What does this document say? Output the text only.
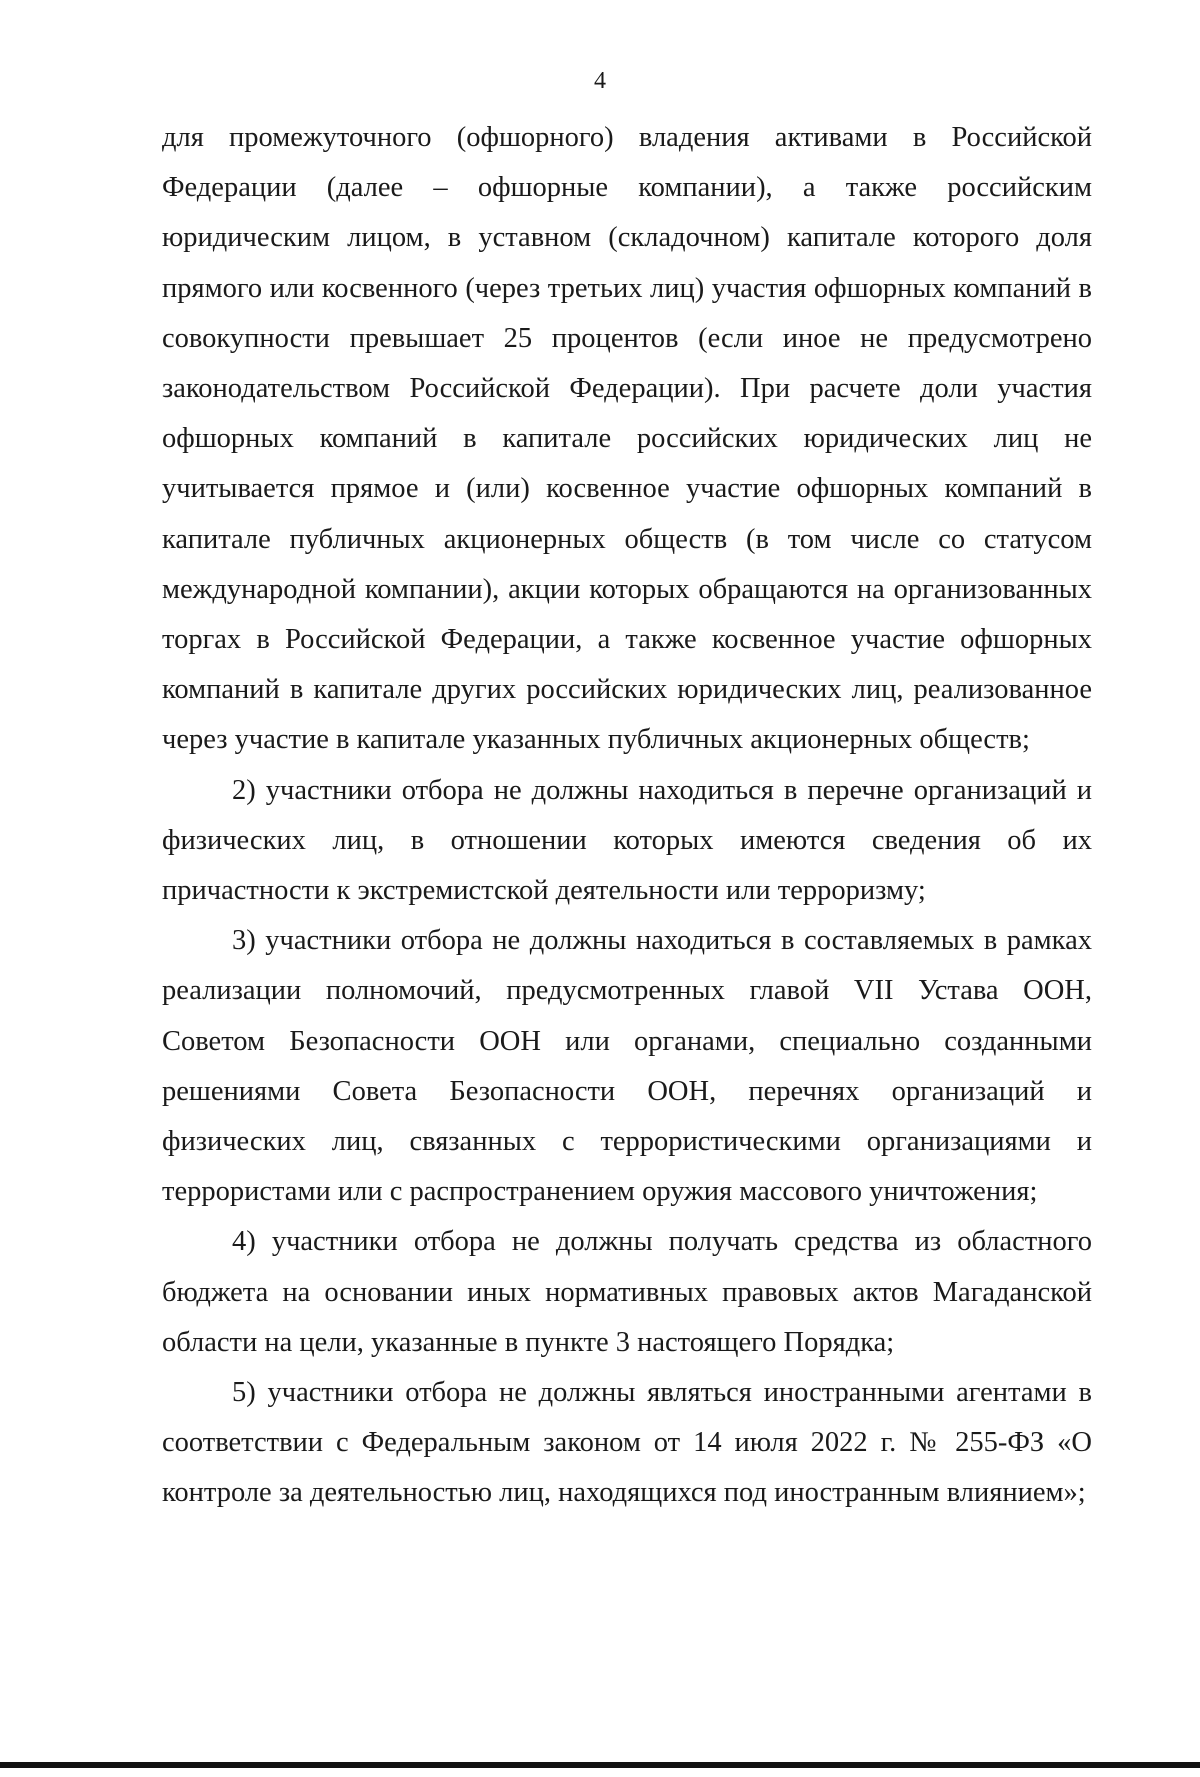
4

для промежуточного (офшорного) владения активами в Российской Федерации (далее – офшорные компании), а также российским юридическим лицом, в уставном (складочном) капитале которого доля прямого или косвенного (через третьих лиц) участия офшорных компаний в совокупности превышает 25 процентов (если иное не предусмотрено законодательством Российской Федерации). При расчете доли участия офшорных компаний в капитале российских юридических лиц не учитывается прямое и (или) косвенное участие офшорных компаний в капитале публичных акционерных обществ (в том числе со статусом международной компании), акции которых обращаются на организованных торгах в Российской Федерации, а также косвенное участие офшорных компаний в капитале других российских юридических лиц, реализованное через участие в капитале указанных публичных акционерных обществ;

2) участники отбора не должны находиться в перечне организаций и физических лиц, в отношении которых имеются сведения об их причастности к экстремистской деятельности или терроризму;

3) участники отбора не должны находиться в составляемых в рамках реализации полномочий, предусмотренных главой VII Устава ООН, Советом Безопасности ООН или органами, специально созданными решениями Совета Безопасности ООН, перечнях организаций и физических лиц, связанных с террористическими организациями и террористами или с распространением оружия массового уничтожения;

4) участники отбора не должны получать средства из областного бюджета на основании иных нормативных правовых актов Магаданской области на цели, указанные в пункте 3 настоящего Порядка;

5) участники отбора не должны являться иностранными агентами в соответствии с Федеральным законом от 14 июля 2022 г. № 255-ФЗ «О контроле за деятельностью лиц, находящихся под иностранным влиянием»;
